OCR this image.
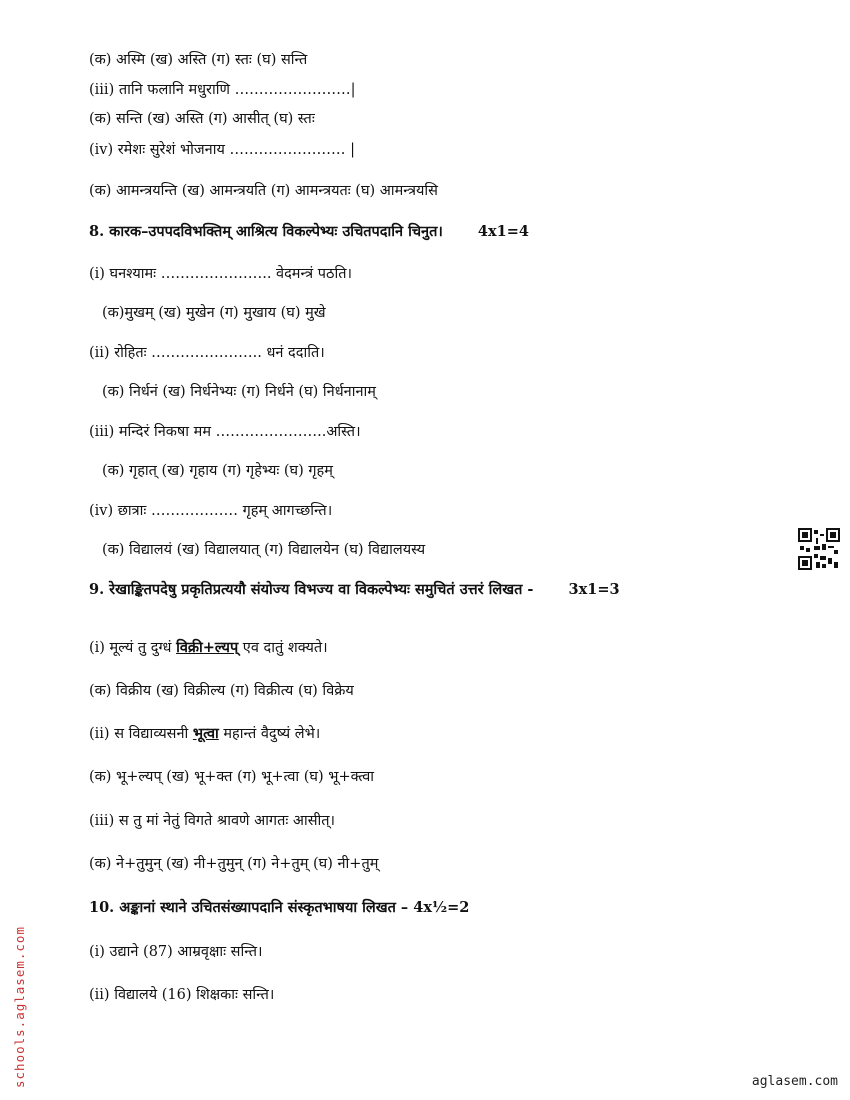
(क) अस्मि (ख) अस्ति (ग) स्तः (घ) सन्ति
(iii) तानि फलानि मधुराणि ……………………|
(क) सन्ति (ख) अस्ति (ग) आसीत् (घ) स्तः
(iv) रमेशः सुरेशं भोजनाय …………………… |
(क) आमन्त्रयन्ति (ख) आमन्त्रयति (ग) आमन्त्रयतः (घ) आमन्त्रयसि
8. कारक–उपपदविभक्तिम् आश्रित्य विकल्पेभ्यः उचितपदानि चिनुत। 4x1=4
(i) घनश्यामः ………………….. वेदमन्त्रं पठति।
(क)मुखम् (ख) मुखेन (ग) मुखाय (घ) मुखे
(ii) रोहितः ………………….. धनं ददाति।
(क) निर्धनं (ख) निर्धनेभ्यः (ग) निर्धने (घ) निर्धनानाम्
(iii) मन्दिरं निकषा मम …………………..अस्ति।
(क) गृहात् (ख) गृहाय (ग) गृहेभ्यः (घ) गृहम्
(iv) छात्राः ……………… गृहम् आगच्छन्ति।
(क) विद्यालयं (ख) विद्यालयात् (ग) विद्यालयेन (घ) विद्यालयस्य
9. रेखाङ्कितपदेषु प्रकृतिप्रत्ययौ संयोज्य विभज्य वा विकल्पेभ्यः समुचितं उत्तरं लिखत - 3x1=3
(i) मूल्यं तु दुग्धं विक्री+ल्यप् एव दातुं शक्यते।
(क) विक्रीय (ख) विक्रील्य (ग) विक्रीत्य (घ) विक्रेय
(ii) स विद्याव्यसनी भूत्वा महान्तं वैदुष्यं लेभे।
(क) भू+ल्यप् (ख) भू+क्त (ग) भू+त्वा (घ) भू+क्त्वा
(iii) स तु मां नेतुं विगते श्रावणे आगतः आसीत्।
(क) ने+तुमुन् (ख) नी+तुमुन् (ग) ने+तुम् (घ) नी+तुम्
10. अङ्कानां स्थाने उचितसंख्यापदानि संस्कृतभाषया लिखत – 4x½=2
(i) उद्याने (87) आम्रवृक्षाः सन्ति।
(ii) विद्यालये (16) शिक्षकाः सन्ति।
schools.aglasem.com	aglasem.com
